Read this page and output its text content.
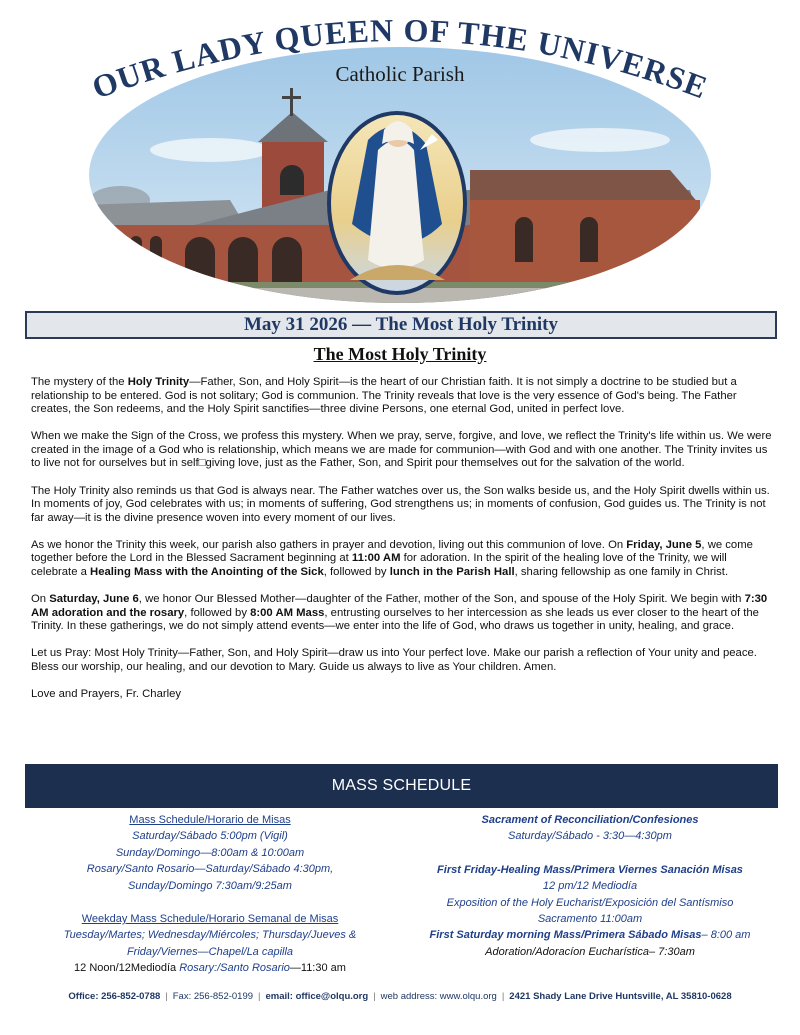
OUR LADY QUEEN OF THE UNIVERSE
Catholic Parish
May 31 2026 — The Most Holy Trinity
The Most Holy Trinity

The mystery of the Holy Trinity—Father, Son, and Holy Spirit—is the heart of our Christian faith. It is not simply a doctrine to be studied but a relationship to be entered. God is not solitary; God is communion. The Trinity reveals that love is the very essence of God's being. The Father creates, the Son redeems, and the Holy Spirit sanctifies—three divine Persons, one eternal God, united in perfect love.

When we make the Sign of the Cross, we profess this mystery. When we pray, serve, forgive, and love, we reflect the Trinity's life within us. We were created in the image of a God who is relationship, which means we are made for communion—with God and with one another. The Trinity invites us to live not for ourselves but in self□giving love, just as the Father, Son, and Spirit pour themselves out for the salvation of the world.

The Holy Trinity also reminds us that God is always near. The Father watches over us, the Son walks beside us, and the Holy Spirit dwells within us. In moments of joy, God celebrates with us; in moments of suffering, God strengthens us; in moments of confusion, God guides us. The Trinity is not far away—it is the divine presence woven into every moment of our lives.

As we honor the Trinity this week, our parish also gathers in prayer and devotion, living out this communion of love. On Friday, June 5, we come together before the Lord in the Blessed Sacrament beginning at 11:00 AM for adoration. In the spirit of the healing love of the Trinity, we will celebrate a Healing Mass with the Anointing of the Sick, followed by lunch in the Parish Hall, sharing fellowship as one family in Christ.

On Saturday, June 6, we honor Our Blessed Mother—daughter of the Father, mother of the Son, and spouse of the Holy Spirit. We begin with 7:30 AM adoration and the rosary, followed by 8:00 AM Mass, entrusting ourselves to her intercession as she leads us ever closer to the heart of the Trinity. In these gatherings, we do not simply attend events—we enter into the life of God, who draws us together in unity, healing, and grace.

Let us Pray: Most Holy Trinity—Father, Son, and Holy Spirit—draw us into Your perfect love. Make our parish a reflection of Your unity and peace. Bless our worship, our healing, and our devotion to Mary. Guide us always to live as Your children. Amen.

Love and Prayers, Fr. Charley

MASS SCHEDULE
Mass Schedule/Horario de Misas
Saturday/Sábado 5:00pm (Vigil)
Sunday/Domingo—8:00am & 10:00am
Rosary/Santo Rosario—Saturday/Sábado 4:30pm,
Sunday/Domingo 7:30am/9:25am
Weekday Mass Schedule/Horario Semanal de Misas
Tuesday/Martes; Wednesday/Miércoles; Thursday/Jueves &
Friday/Viernes—Chapel/La capilla
12 Noon/12Mediodía Rosary:/Santo Rosario—11:30 am
Sacrament of Reconciliation/Confesiones
Saturday/Sábado - 3:30—4:30pm
First Friday-Healing Mass/Primera Viernes Sanación Misas
12 pm/12 Mediodía
Exposition of the Holy Eucharist/Exposición del Santísmiso
Sacramento 11:00am
First Saturday morning Mass/Primera Sábado Misas– 8:00 am
Adoration/Adoracíon Eucharística– 7:30am
Office: 256-852-0788 | Fax: 256-852-0199 | email: office@olqu.org | web address: www.olqu.org | 2421 Shady Lane Drive Huntsville, AL 35810-0628
